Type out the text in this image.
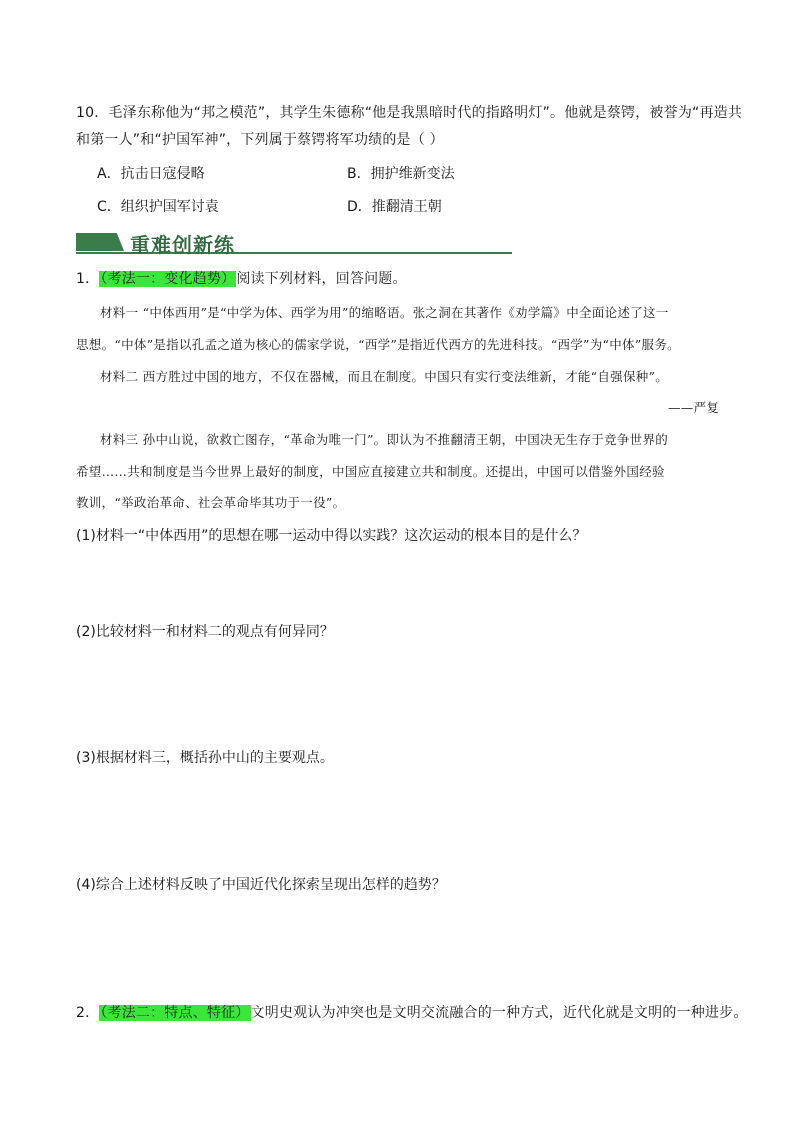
10．毛泽东称他为“邦之模范”，其学生朱德称“他是我黑暗时代的指路明灯”。他就是蔡锷，被誉为“再造共
和第一人”和“护国军神”，下列属于蔡锷将军功绩的是（ ）
A．抗击日寇侵略	B．拥护维新变法
C．组织护国军讨袁	D．推翻清王朝
重难创新练
1．（考法一：变化趋势）阅读下列材料，回答问题。
材料一 “中体西用”是“中学为体、西学为用”的缩略语。张之洞在其著作《劝学篇》中全面论述了这一
思想。“中体”是指以孔孟之道为核心的儒家学说，“西学”是指近代西方的先进科技。“西学”为“中体”服务。
材料二 西方胜过中国的地方，不仅在器械，而且在制度。中国只有实行变法维新，才能“自强保种”。
——严复
材料三 孙中山说，欲救亡图存，“革命为唯一门”。即认为不推翻清王朝，中国决无生存于竞争世界的
希望……共和制度是当今世界上最好的制度，中国应直接建立共和制度。还提出，中国可以借鉴外国经验
教训，“举政治革命、社会革命毕其功于一役”。
(1)材料一“中体西用”的思想在哪一运动中得以实践？这次运动的根本目的是什么？
(2)比较材料一和材料二的观点有何异同？
(3)根据材料三，概括孙中山的主要观点。
(4)综合上述材料反映了中国近代化探索呈现出怎样的趋势？
2．（考法二：特点、特征）文明史观认为冲突也是文明交流融合的一种方式，近代化就是文明的一种进步。
